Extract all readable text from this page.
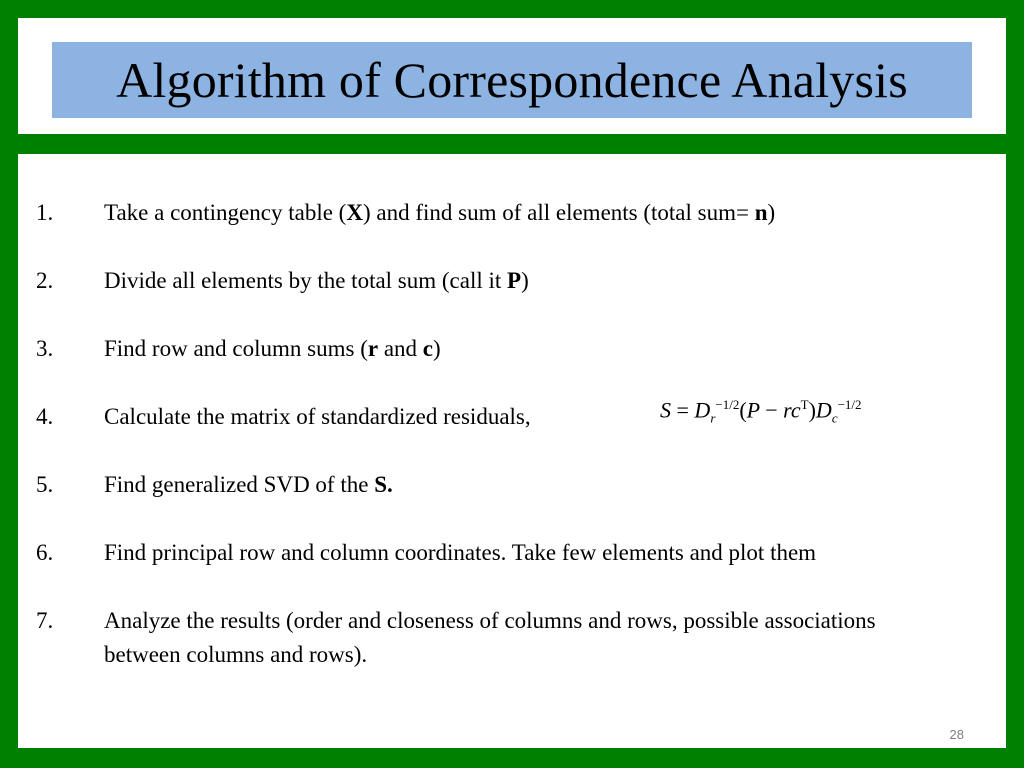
Algorithm of Correspondence Analysis
1. Take a contingency table (X) and find sum of all elements (total sum= n)
2. Divide all elements by the total sum (call it P)
3. Find row and column sums (r and c)
4. Calculate the matrix of standardized residuals,
5. Find generalized SVD of the S.
6. Find principal row and column coordinates. Take few elements and plot them
7. Analyze the results (order and closeness of columns and rows, possible associations between columns and rows).
$S = D_r^{-1/2}(P - rc^T)D_c^{-1/2}$
28
